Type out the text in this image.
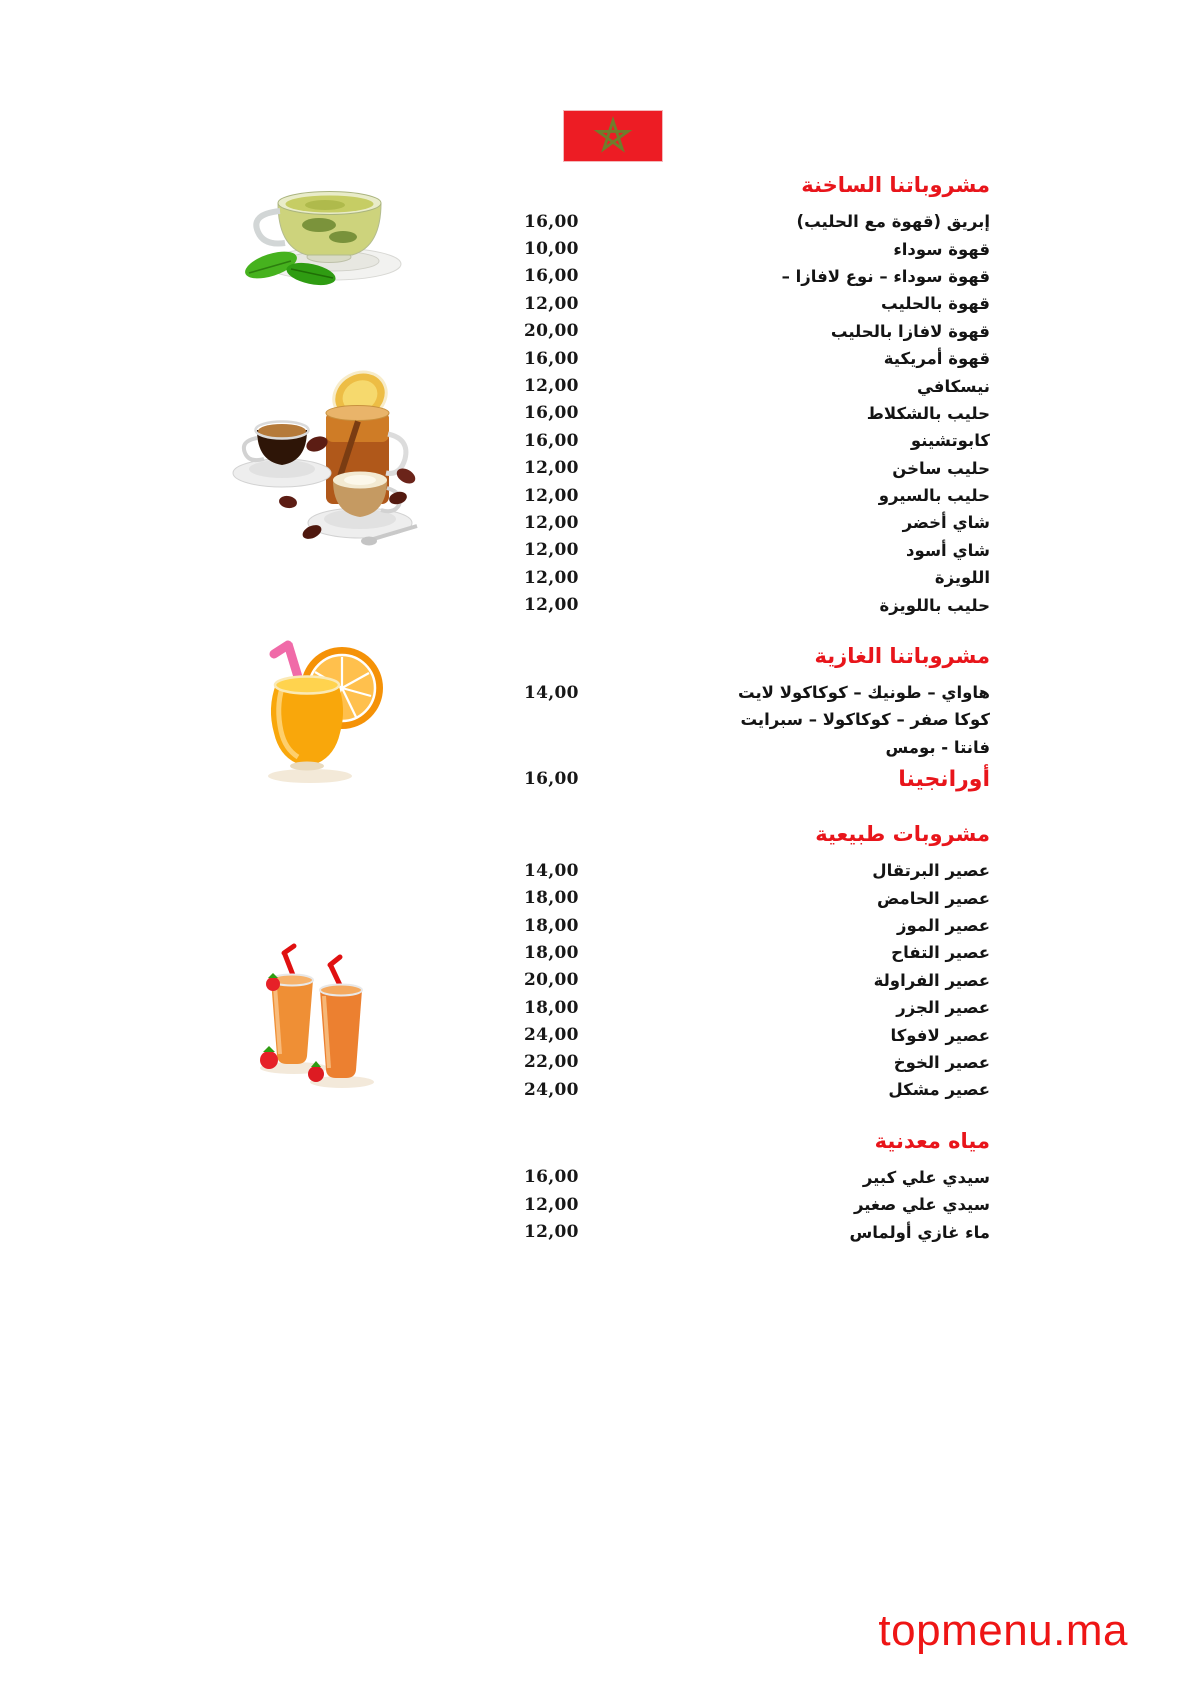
مشروباتنا الساخنة
16,00	إبريق (قهوة مع الحليب)
10,00	قهوة سوداء
16,00	قهوة سوداء – نوع لافازا –
12,00	قهوة بالحليب
20,00	قهوة لافازا بالحليب
16,00	قهوة أمريكية
12,00	نيسكافي
16,00	حليب بالشكلاط
16,00	كابوتشينو
12,00	حليب ساخن
12,00	حليب بالسيرو
12,00	شاي أخضر
12,00	شاي أسود
12,00	اللويزة
12,00	حليب باللويزة
مشروباتنا الغازية
14,00	هاواي – طونيك – كوكاكولا لايت
كوكا صفر – كوكاكولا – سبرايت
فانتا - بومس
16,00	أورانجينا
مشروبات طبيعية
14,00	عصير البرتقال
18,00	عصير الحامض
18,00	عصير الموز
18,00	عصير التفاح
20,00	عصير الفراولة
18,00	عصير الجزر
24,00	عصير لافوكا
22,00	عصير الخوخ
24,00	عصير مشكل
مياه معدنية
16,00	سيدي علي كبير
12,00	سيدي علي صغير
12,00	ماء غازي أولماس
topmenu.ma
